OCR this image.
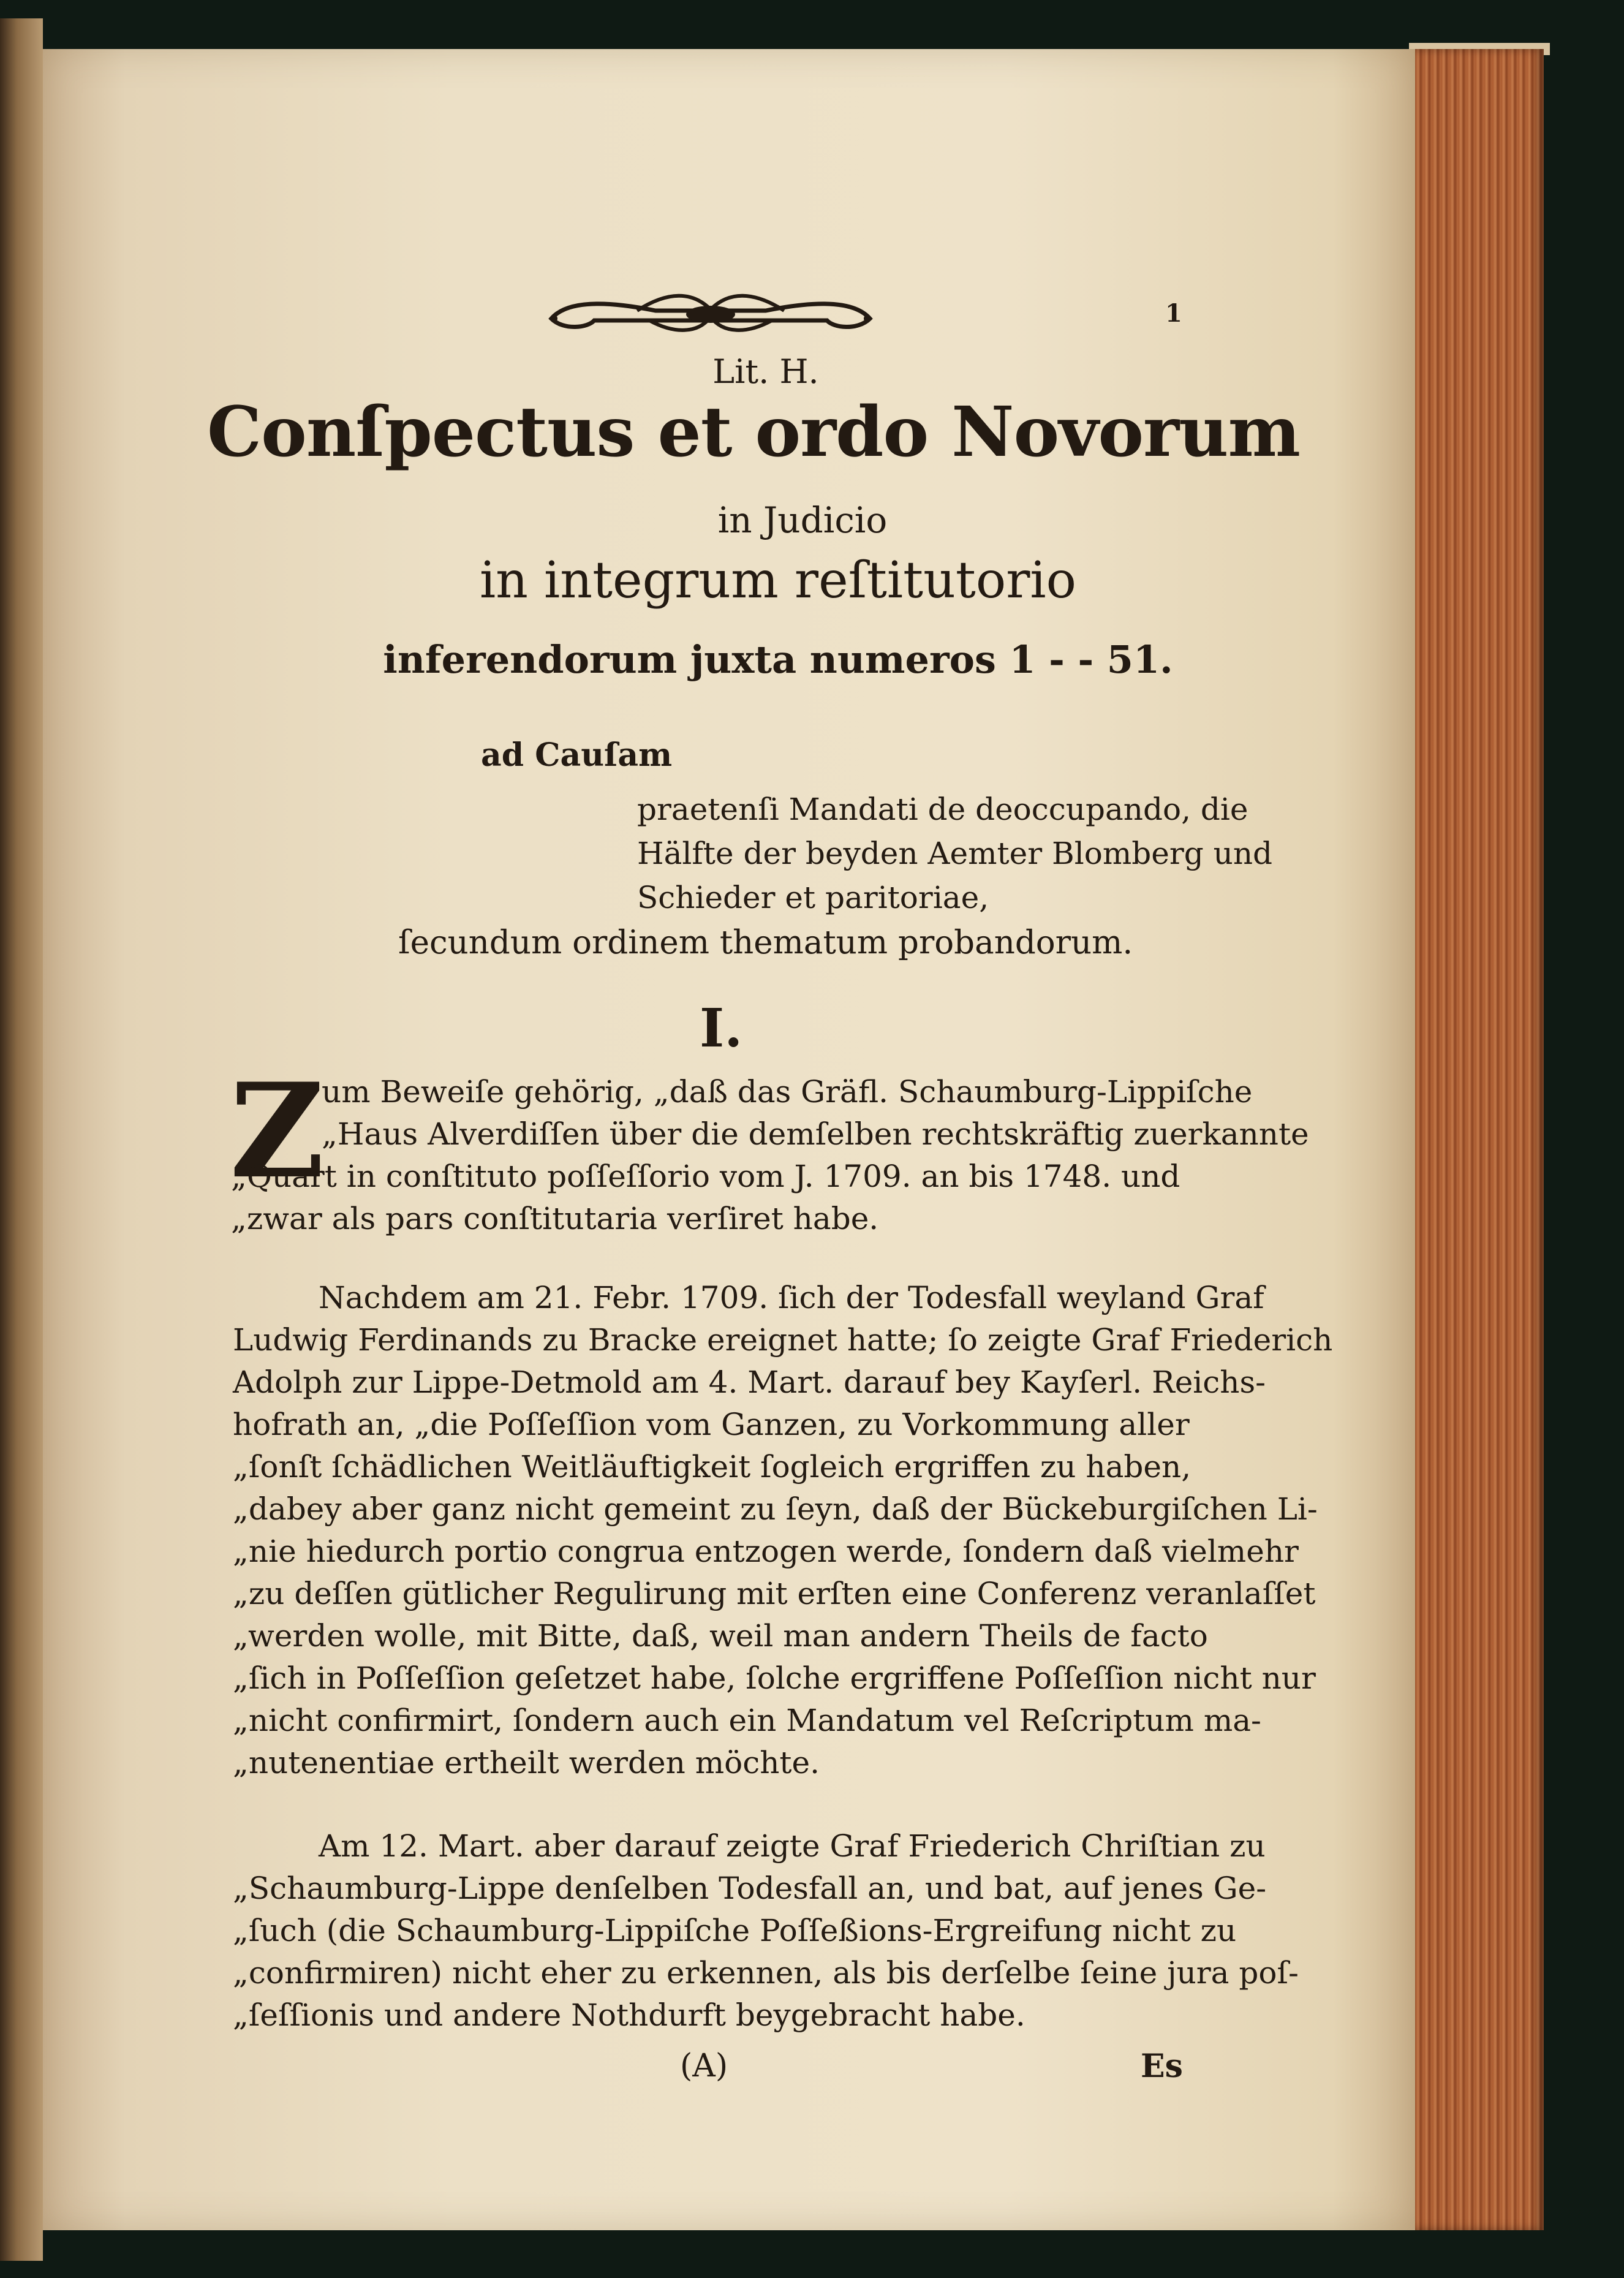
1
Lit. H.
Conſpectus et ordo Novorum
in Judicio
in integrum reſtitutorio
inferendorum juxta numeros 1 ‑ ‑ 51.
ad Cauſam
praetenſi Mandati de deoccupando, die
Hälfte der beyden Aemter Blomberg und
Schieder et paritoriae,
ſecundum ordinem thematum probandorum.
I.
Z
um Beweiſe gehörig, „daß das Gräfl. Schaumburg‑Lippiſche
„Haus Alverdiſſen über die demſelben rechtskräftig zuerkannte
„Quart in conſtituto poſſeſſorio vom J. 1709. an bis 1748. und
„zwar als pars conſtitutaria verſiret habe.
Nachdem am 21. Febr. 1709. ſich der Todesfall weyland Graf
Ludwig Ferdinands zu Bracke ereignet hatte; ſo zeigte Graf Friederich
Adolph zur Lippe‑Detmold am 4. Mart. darauf bey Kayſerl. Reichs‑
hofrath an, „die Poſſeſſion vom Ganzen, zu Vorkommung aller
„ſonſt ſchädlichen Weitläuftigkeit ſogleich ergriffen zu haben,
„dabey aber ganz nicht gemeint zu ſeyn, daß der Bückeburgiſchen Li‑
„nie hiedurch portio congrua entzogen werde, ſondern daß vielmehr
„zu deſſen gütlicher Regulirung mit erſten eine Conferenz veranlaſſet
„werden wolle, mit Bitte, daß, weil man andern Theils de facto
„ſich in Poſſeſſion geſetzet habe, ſolche ergriffene Poſſeſſion nicht nur
„nicht confirmirt, ſondern auch ein Mandatum vel Reſcriptum ma‑
„nutenentiae ertheilt werden möchte.
Am 12. Mart. aber darauf zeigte Graf Friederich Chriſtian zu
„Schaumburg‑Lippe denſelben Todesfall an, und bat, auf jenes Ge‑
„ſuch (die Schaumburg‑Lippiſche Poſſeßions‑Ergreifung nicht zu
„confirmiren) nicht eher zu erkennen, als bis derſelbe ſeine jura poſ‑
„ſeſſionis und andere Nothdurft beygebracht habe.
(A)	Es
